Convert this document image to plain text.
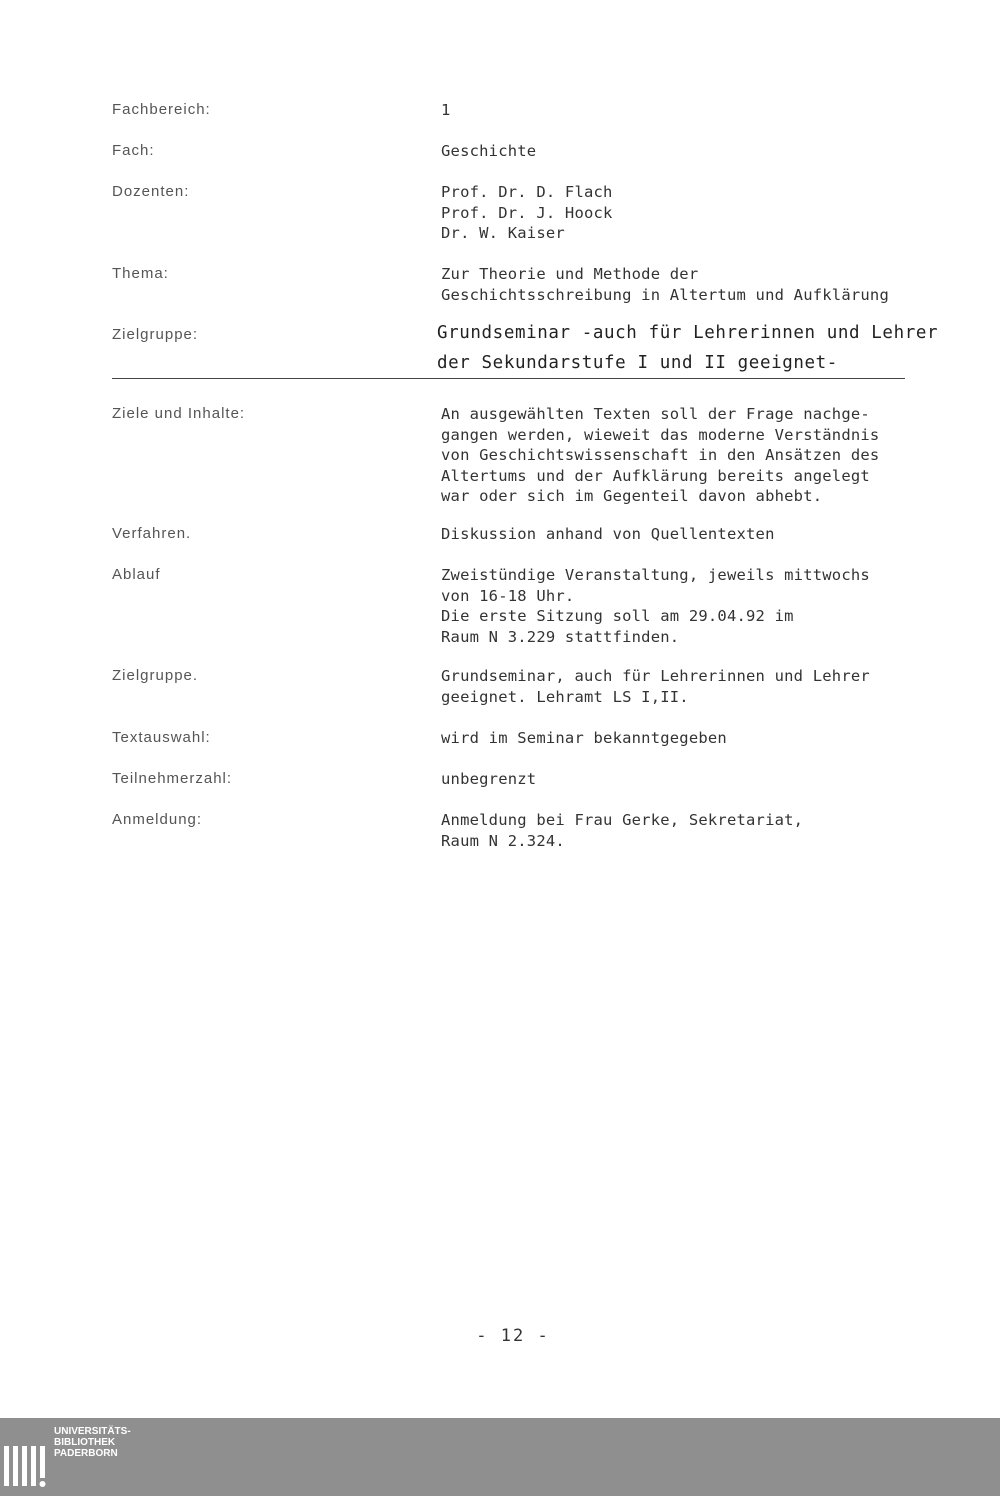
- 12 -
UNIVERSITÄTS-
BIBLIOTHEK
PADERBORN
Fachbereich:	1
Fach:	Geschichte
Dozenten:	Prof. Dr. D. Flach
Prof. Dr. J. Hoock
Dr. W. Kaiser
Thema:	Zur Theorie und Methode der
Geschichtsschreibung in Altertum und Aufklärung
Zielgruppe:	Grundseminar -auch für Lehrerinnen und Lehrer
der Sekundarstufe I und II geeignet-
Ziele und Inhalte:	An ausgewählten Texten soll der Frage nachge-
gangen werden, wieweit das moderne Verständnis
von Geschichtswissenschaft in den Ansätzen des
Altertums und der Aufklärung bereits angelegt
war oder sich im Gegenteil davon abhebt.
Verfahren.	Diskussion anhand von Quellentexten
Ablauf	Zweistündige Veranstaltung, jeweils mittwochs
von 16-18 Uhr.
Die erste Sitzung soll am 29.04.92 im
Raum N 3.229 stattfinden.
Zielgruppe.	Grundseminar, auch für Lehrerinnen und Lehrer
geeignet. Lehramt LS I,II.
Textauswahl:	wird im Seminar bekanntgegeben
Teilnehmerzahl:	unbegrenzt
Anmeldung:	Anmeldung bei Frau Gerke, Sekretariat,
Raum N 2.324.
